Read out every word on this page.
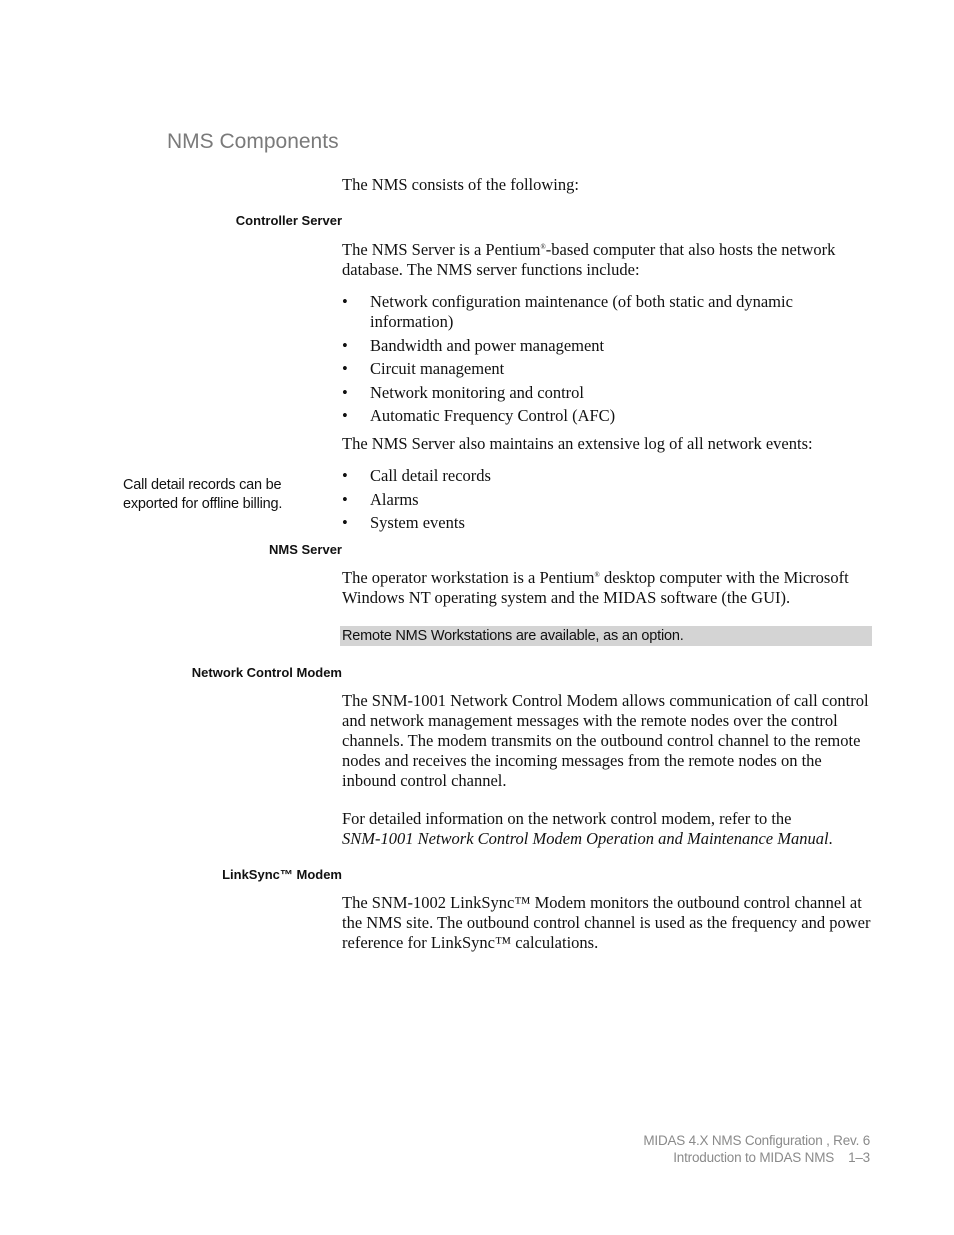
NMS Components
The NMS consists of the following:
Controller Server
The NMS Server is a Pentium®-based computer that also hosts the network database. The NMS server functions include:
•	Network configuration maintenance (of both static and dynamic information)
•	Bandwidth and power management
•	Circuit management
•	Network monitoring and control
•	Automatic Frequency Control (AFC)
The NMS Server also maintains an extensive log of all network events:
Call detail records can be exported for offline billing.
•	Call detail records
•	Alarms
•	System events
NMS Server
The operator workstation is a Pentium® desktop computer with the Microsoft Windows NT operating system and the MIDAS software (the GUI).
Remote NMS Workstations are available, as an option.
Network Control Modem
The SNM-1001 Network Control Modem allows communication of call control and network management messages with the remote nodes over the control channels. The modem transmits on the outbound control channel to the remote nodes and receives the incoming messages from the remote nodes on the inbound control channel.
For detailed information on the network control modem, refer to the
SNM-1001 Network Control Modem Operation and Maintenance Manual.
LinkSync™ Modem
The SNM-1002 LinkSync™ Modem monitors the outbound control channel at the NMS site. The outbound control channel is used as the frequency and power reference for LinkSync™ calculations.
MIDAS 4.X NMS Configuration , Rev. 6
Introduction to MIDAS NMS 1–3
